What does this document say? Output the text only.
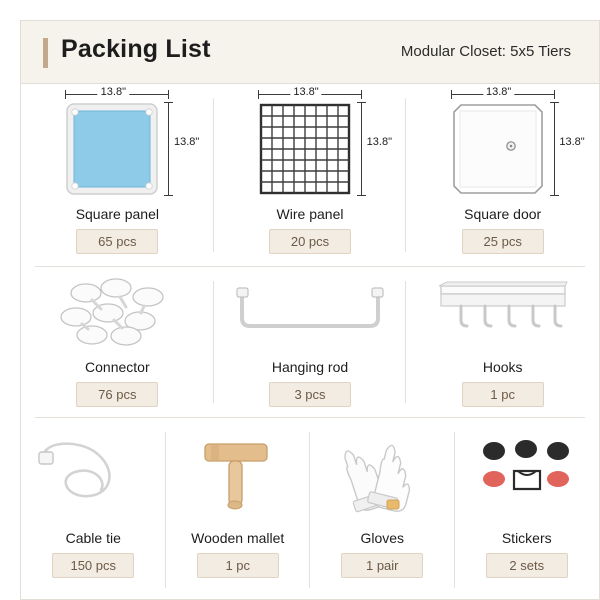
Packing List	Modular Closet: 5x5 Tiers
13.8"
13.8"
Square panel
65 pcs
13.8"
13.8"
Wire panel
20 pcs
13.8"
13.8"
Square door
25 pcs
Connector
76 pcs
Hanging rod
3 pcs
Hooks
1 pc
Cable tie
150 pcs
Wooden mallet
1 pc
Gloves
1 pair
Stickers
2 sets
